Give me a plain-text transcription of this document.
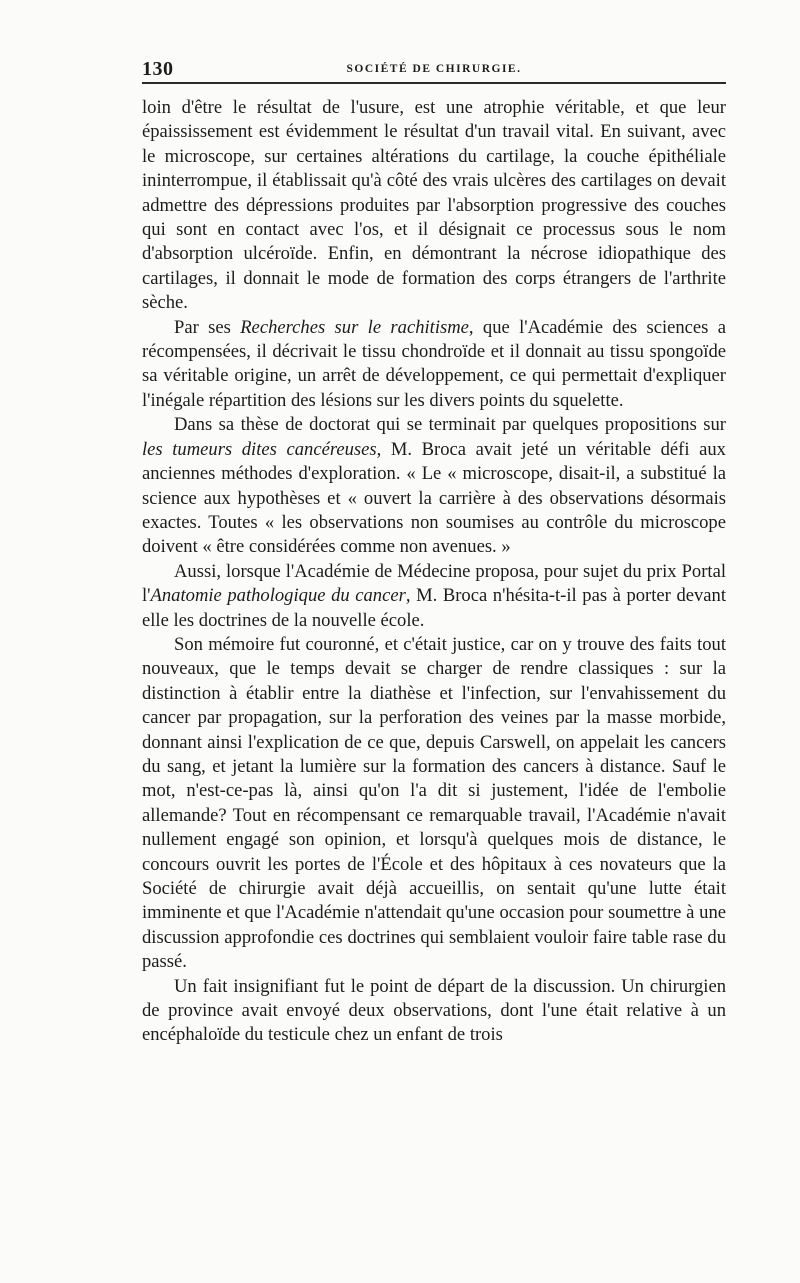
130	SOCIÉTÉ DE CHIRURGIE.

loin d'être le résultat de l'usure, est une atrophie véritable, et que leur épaississement est évidemment le résultat d'un travail vital. En suivant, avec le microscope, sur certaines altérations du cartilage, la couche épithéliale ininterrompue, il établissait qu'à côté des vrais ulcères des cartilages on devait admettre des dépressions produites par l'absorption progressive des couches qui sont en contact avec l'os, et il désignait ce processus sous le nom d'absorption ulcéroïde. Enfin, en démontrant la nécrose idiopathique des cartilages, il donnait le mode de formation des corps étrangers de l'arthrite sèche.

Par ses Recherches sur le rachitisme, que l'Académie des sciences a récompensées, il décrivait le tissu chondroïde et il donnait au tissu spongoïde sa véritable origine, un arrêt de développement, ce qui permettait d'expliquer l'inégale répartition des lésions sur les divers points du squelette.

Dans sa thèse de doctorat qui se terminait par quelques propositions sur les tumeurs dites cancéreuses, M. Broca avait jeté un véritable défi aux anciennes méthodes d'exploration. « Le « microscope, disait-il, a substitué la science aux hypothèses et « ouvert la carrière à des observations désormais exactes. Toutes « les observations non soumises au contrôle du microscope doivent « être considérées comme non avenues. »

Aussi, lorsque l'Académie de Médecine proposa, pour sujet du prix Portal l'Anatomie pathologique du cancer, M. Broca n'hésita-t-il pas à porter devant elle les doctrines de la nouvelle école.

Son mémoire fut couronné, et c'était justice, car on y trouve des faits tout nouveaux, que le temps devait se charger de rendre classiques : sur la distinction à établir entre la diathèse et l'infection, sur l'envahissement du cancer par propagation, sur la perforation des veines par la masse morbide, donnant ainsi l'explication de ce que, depuis Carswell, on appelait les cancers du sang, et jetant la lumière sur la formation des cancers à distance. Sauf le mot, n'est-ce-pas là, ainsi qu'on l'a dit si justement, l'idée de l'embolie allemande? Tout en récompensant ce remarquable travail, l'Académie n'avait nullement engagé son opinion, et lorsqu'à quelques mois de distance, le concours ouvrit les portes de l'École et des hôpitaux à ces novateurs que la Société de chirurgie avait déjà accueillis, on sentait qu'une lutte était imminente et que l'Académie n'attendait qu'une occasion pour soumettre à une discussion approfondie ces doctrines qui semblaient vouloir faire table rase du passé.

Un fait insignifiant fut le point de départ de la discussion. Un chirurgien de province avait envoyé deux observations, dont l'une était relative à un encéphaloïde du testicule chez un enfant de trois
